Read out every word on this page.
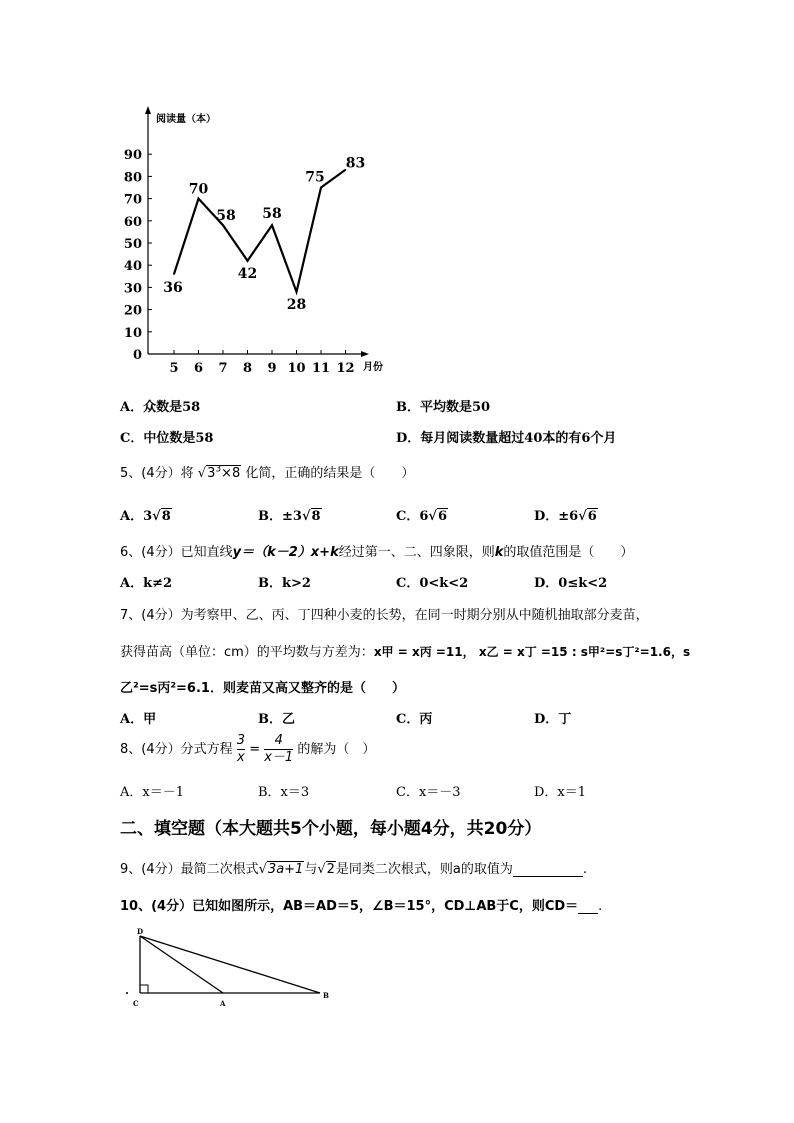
阅读量（本）
月份
0
10
20
30
40
50
60
70
80
90
5 6 7 8 9 10 11 12
36
70
58
42
58
28
75
83
A．众数是58	B．平均数是50
C．中位数是58	D．每月阅读数量超过40本的有6个月
5、(4分）将 $√3^3\times 8$ 化简，正确的结果是（　　）
A．3√8	B．±3√8	C．6√6	D．±6√6
6、(4分）已知直线y＝（k－2）x+k经过第一、二、四象限，则k的取值范围是（　　）
A．k≠2	B．k>2	C．0<k<2	D．0≤k<2
7、(4分）为考察甲、乙、丙、丁四种小麦的长势，在同一时期分别从中随机抽取部分麦苗，
获得苗高（单位：cm）的平均数与方差为：x甲 = x丙 =11， x乙 = x丁 =15 : s甲²=s丁²=1.6，s
乙²=s丙²=6.1．则麦苗又高又整齐的是（　　）
A．甲	B．乙	C．丙	D．丁
8、(4分）分式方程 $\frac{3}{x} = \frac{4}{x-1}$ 的解为（　）
A．x＝－1	B．x＝3	C．x＝－3	D．x＝1
二、填空题（本大题共5个小题，每小题4分，共20分）
9、(4分）最简二次根式√3a+1与√2是同类二次根式，则a的取值为	.
10、(4分）已知如图所示，AB＝AD＝5，∠B＝15°，CD⊥AB于C，则CD＝ .
D
C	A
B
